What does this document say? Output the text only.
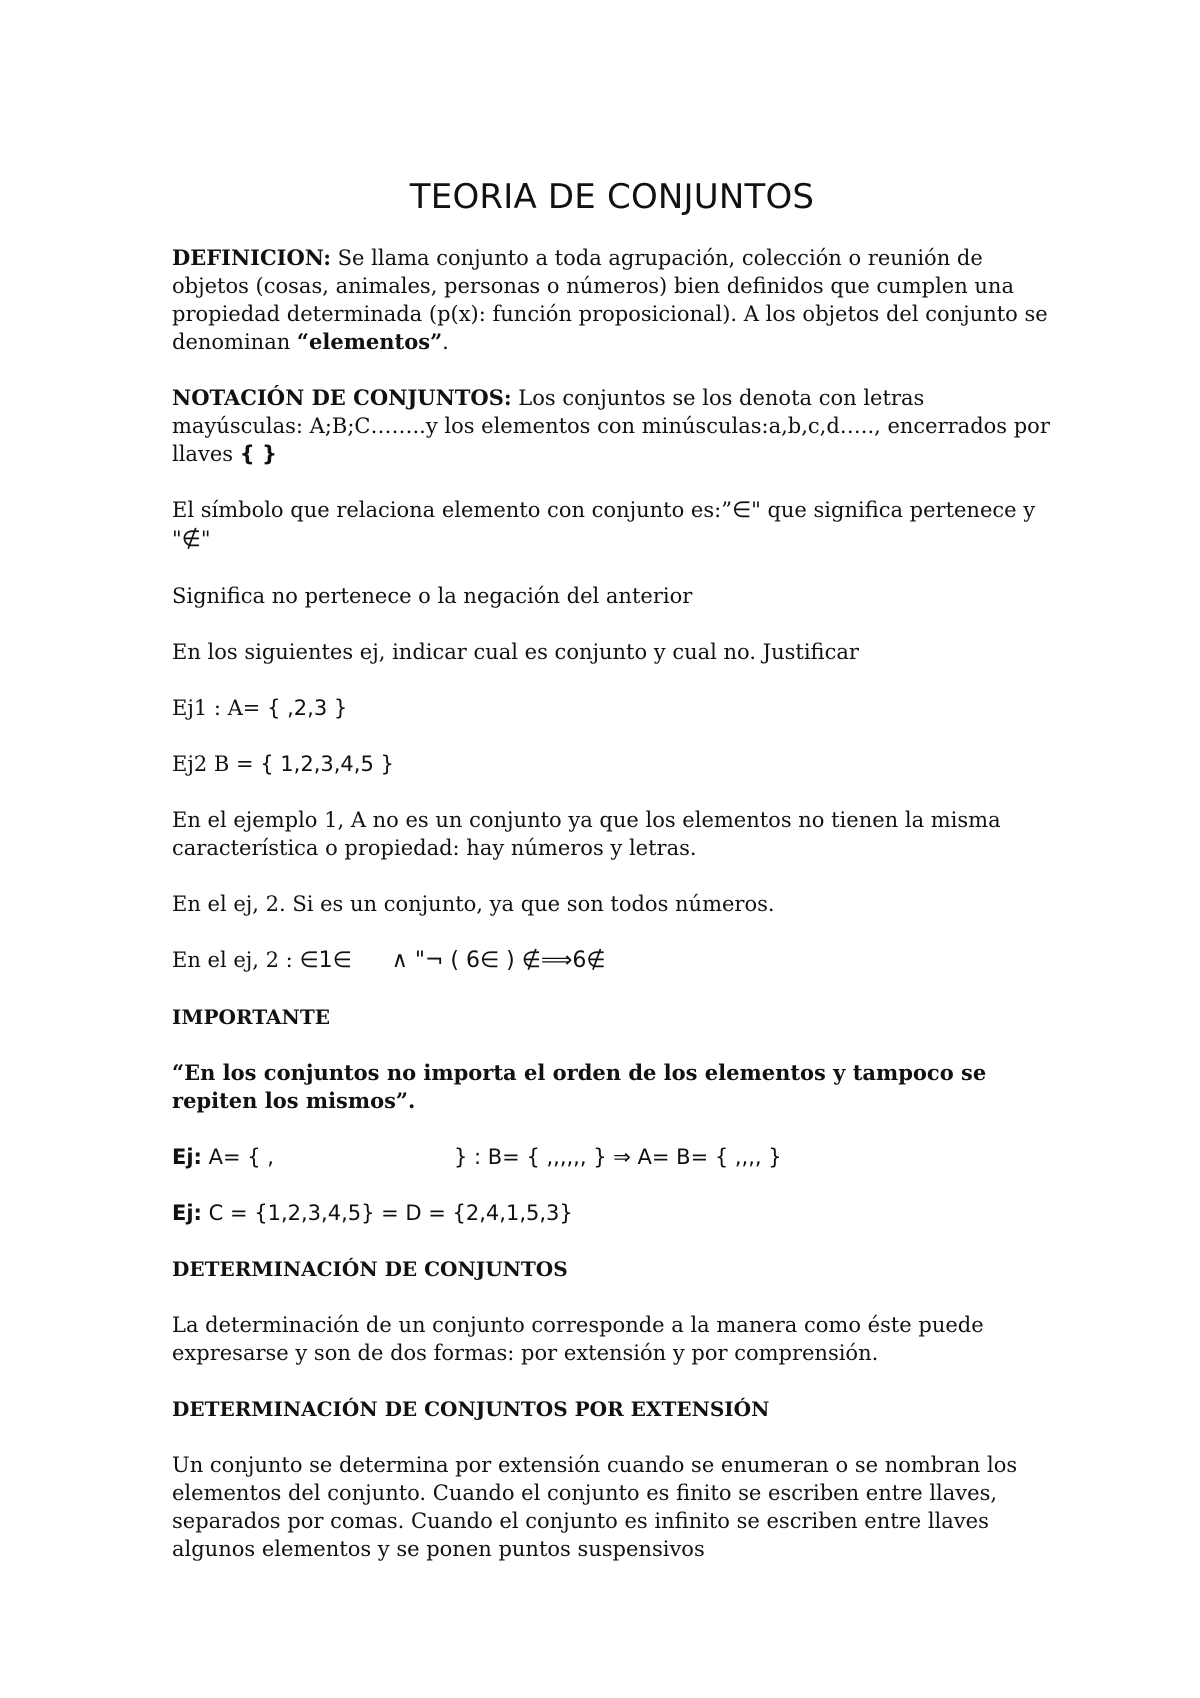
TEORIA DE CONJUNTOS

DEFINICION: Se llama conjunto a toda agrupación, colección o reunión de objetos (cosas, animales, personas o números) bien definidos que cumplen una propiedad determinada (p(x): función proposicional). A los objetos del conjunto se denominan “elementos”.

NOTACIÓN DE CONJUNTOS: Los conjuntos se los denota con letras mayúsculas: A;B;C……..y los elementos con minúsculas:a,b,c,d….., encerrados por llaves { }

El símbolo que relaciona elemento con conjunto es:”∈" que significa pertenece y "∉"

Significa no pertenece o la negación del anterior

En los siguientes ej, indicar cual es conjunto y cual no. Justificar

Ej1 : A= { ,2,3 }

Ej2 B = { 1,2,3,4,5 }

En el ejemplo 1, A no es un conjunto ya que los elementos no tienen la misma característica o propiedad: hay números y letras.

En el ej, 2. Si es un conjunto, ya que son todos números.

En el ej, 2 : ∈1∈ ∧ "¬ ( 6∈ ) ∉⟹6∉

IMPORTANTE

“En los conjuntos no importa el orden de los elementos y tampoco se repiten los mismos”.

Ej: A= { ,	} : B= { ,,,,,, } ⇒ A= B= { ,,,, }

Ej: C = {1,2,3,4,5} = D = {2,4,1,5,3}

DETERMINACIÓN DE CONJUNTOS

La determinación de un conjunto corresponde a la manera como éste puede expresarse y son de dos formas: por extensión y por comprensión.

DETERMINACIÓN DE CONJUNTOS POR EXTENSIÓN

Un conjunto se determina por extensión cuando se enumeran o se nombran los elementos del conjunto. Cuando el conjunto es finito se escriben entre llaves, separados por comas. Cuando el conjunto es infinito se escriben entre llaves algunos elementos y se ponen puntos suspensivos
